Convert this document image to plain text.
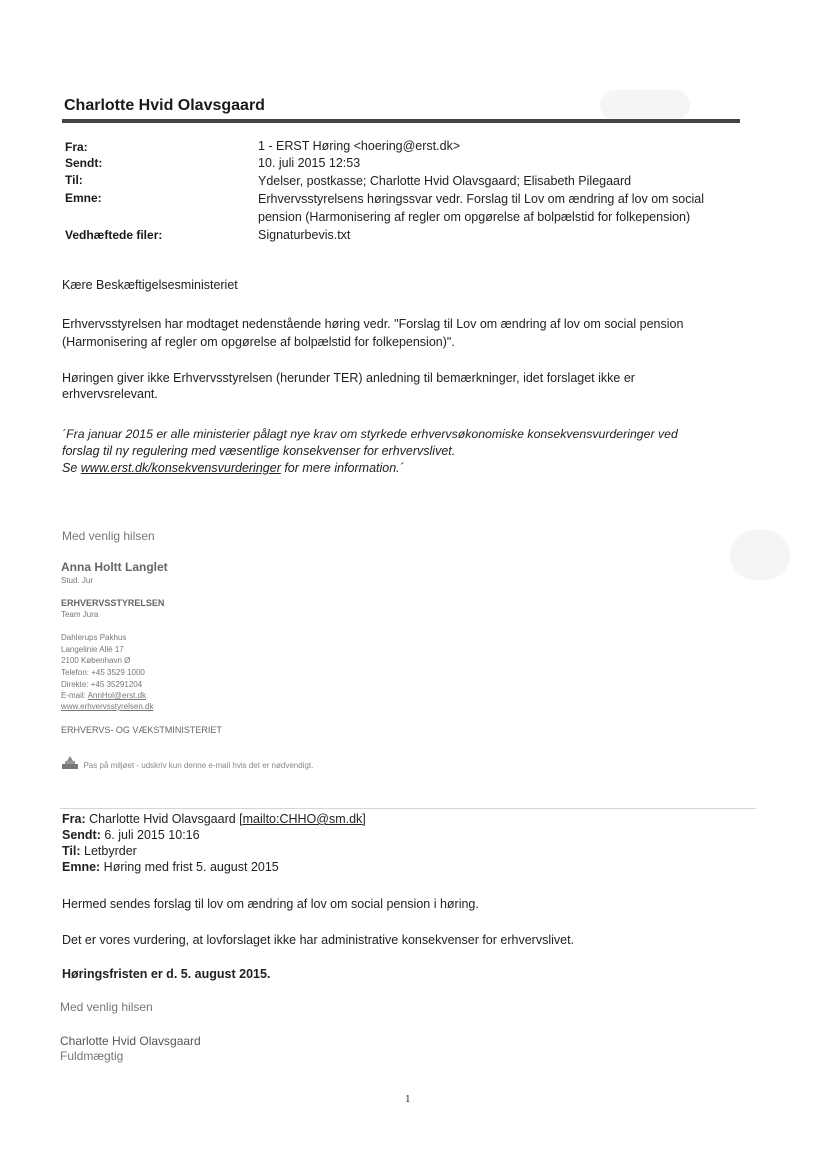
Charlotte Hvid Olavsgaard
Fra:	1 - ERST Høring <hoering@erst.dk>
Sendt:	10. juli 2015 12:53
Til:	Ydelser, postkasse; Charlotte Hvid Olavsgaard; Elisabeth Pilegaard
Emne:	Erhvervsstyrelsens høringssvar vedr. Forslag til Lov om ændring af lov om social
pension (Harmonisering af regler om opgørelse af bolpælstid for folkepension)
Vedhæftede filer:	Signaturbevis.txt
Kære Beskæftigelsesministeriet
Erhvervsstyrelsen har modtaget nedenstående høring vedr. "Forslag til Lov om ændring af lov om social pension
(Harmonisering af regler om opgørelse af bolpælstid for folkepension)".
Høringen giver ikke Erhvervsstyrelsen (herunder TER) anledning til bemærkninger, idet forslaget ikke er
erhvervsrelevant.
´Fra januar 2015 er alle ministerier pålagt nye krav om styrkede erhvervsøkonomiske konsekvensvurderinger ved
forslag til ny regulering med væsentlige konsekvenser for erhvervslivet.
Se www.erst.dk/konsekvensvurderinger for mere information.´
Med venlig hilsen
Anna Holtt Langlet
Stud. Jur
ERHVERVSSTYRELSEN
Team Jura
Dahlerups Pakhus
Langelinie Allé 17
2100 København Ø
Telefon: +45 3529 1000
Direkte: +45 35291204
E-mail: AnnHol@erst.dk
www.erhvervsstyrelsen.dk
ERHVERVS- OG VÆKSTMINISTERIET
Pas på miljøet - udskriv kun denne e-mail hvis det er nødvendigt.
Fra: Charlotte Hvid Olavsgaard [mailto:CHHO@sm.dk]
Sendt: 6. juli 2015 10:16
Til: Letbyrder
Emne: Høring med frist 5. august 2015
Hermed sendes forslag til lov om ændring af lov om social pension i høring.
Det er vores vurdering, at lovforslaget ikke har administrative konsekvenser for erhvervslivet.
Høringsfristen er d. 5. august 2015.
Med venlig hilsen
Charlotte Hvid Olavsgaard
Fuldmægtig
1
